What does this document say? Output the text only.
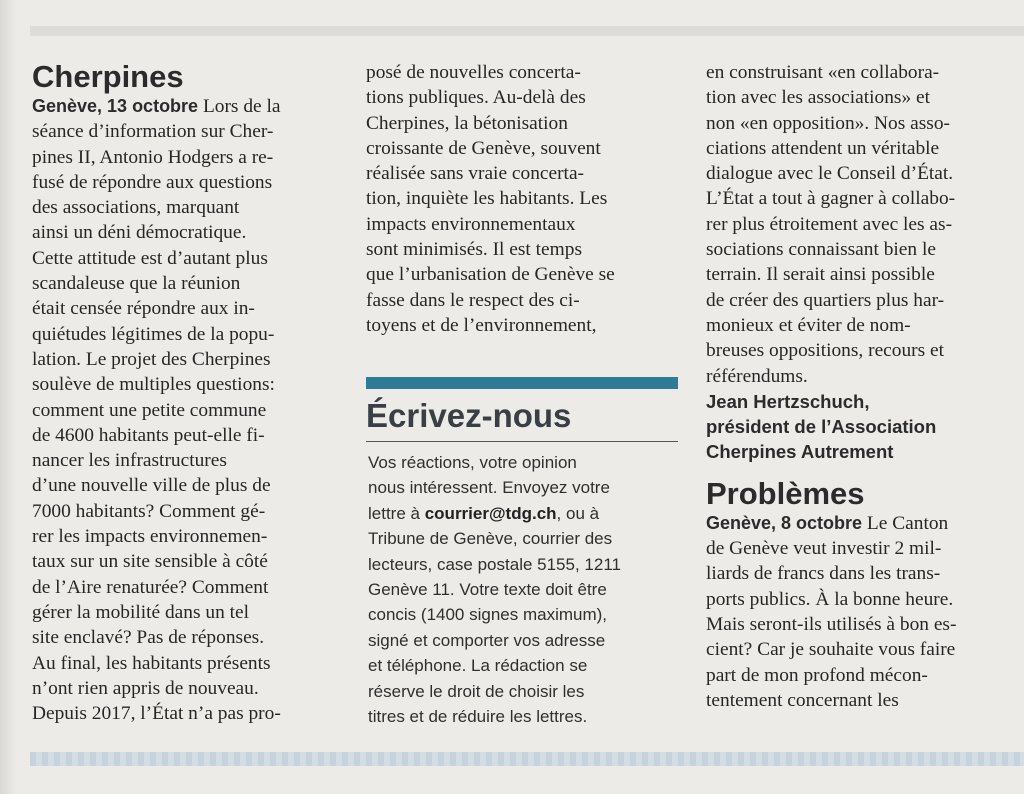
Cherpines
Genève, 13 octobre Lors de la
séance d’information sur Cher-
pines II, Antonio Hodgers a re-
fusé de répondre aux questions
des associations, marquant
ainsi un déni démocratique.
Cette attitude est d’autant plus
scandaleuse que la réunion
était censée répondre aux in-
quiétudes légitimes de la popu-
lation. Le projet des Cherpines
soulève de multiples questions:
comment une petite commune
de 4600 habitants peut-elle fi-
nancer les infrastructures
d’une nouvelle ville de plus de
7000 habitants? Comment gé-
rer les impacts environnemen-
taux sur un site sensible à côté
de l’Aire renaturée? Comment
gérer la mobilité dans un tel
site enclavé? Pas de réponses.
Au final, les habitants présents
n’ont rien appris de nouveau.
Depuis 2017, l’État n’a pas pro-
posé de nouvelles concerta-
tions publiques. Au-delà des
Cherpines, la bétonisation
croissante de Genève, souvent
réalisée sans vraie concerta-
tion, inquiète les habitants. Les
impacts environnementaux
sont minimisés. Il est temps
que l’urbanisation de Genève se
fasse dans le respect des ci-
toyens et de l’environnement,
Écrivez-nous
Vos réactions, votre opinion
nous intéressent. Envoyez votre
lettre à courrier@tdg.ch, ou à
Tribune de Genève, courrier des
lecteurs, case postale 5155, 1211
Genève 11. Votre texte doit être
concis (1400 signes maximum),
signé et comporter vos adresse
et téléphone. La rédaction se
réserve le droit de choisir les
titres et de réduire les lettres.
en construisant «en collabora-
tion avec les associations» et
non «en opposition». Nos asso-
ciations attendent un véritable
dialogue avec le Conseil d’État.
L’État a tout à gagner à collabo-
rer plus étroitement avec les as-
sociations connaissant bien le
terrain. Il serait ainsi possible
de créer des quartiers plus har-
monieux et éviter de nom-
breuses oppositions, recours et
référendums.
Jean Hertzschuch,
président de l’Association
Cherpines Autrement
Problèmes
Genève, 8 octobre Le Canton
de Genève veut investir 2 mil-
liards de francs dans les trans-
ports publics. À la bonne heure.
Mais seront-ils utilisés à bon es-
cient? Car je souhaite vous faire
part de mon profond mécon-
tentement concernant les
